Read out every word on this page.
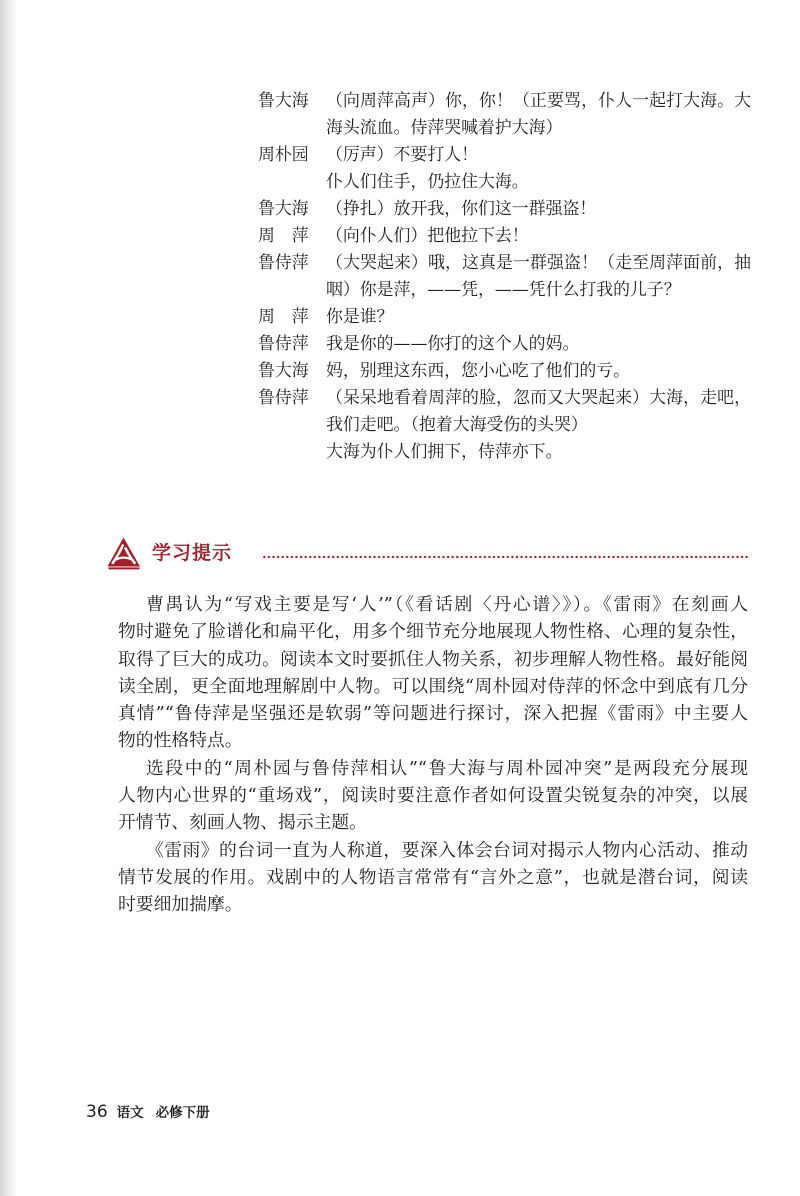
鲁大海 （向周萍高声）你，你！（正要骂，仆人一起打大海。大
海头流血。侍萍哭喊着护大海）
周朴园 （厉声）不要打人！
仆人们住手，仍拉住大海。
鲁大海 （挣扎）放开我，你们这一群强盗！
周　萍 （向仆人们）把他拉下去！
鲁侍萍 （大哭起来）哦，这真是一群强盗！（走至周萍面前，抽
咽）你是萍，——凭，——凭什么打我的儿子？
周　萍 你是谁？
鲁侍萍 我是你的——你打的这个人的妈。
鲁大海 妈，别理这东西，您小心吃了他们的亏。
鲁侍萍 （呆呆地看着周萍的脸，忽而又大哭起来）大海，走吧，
我们走吧。（抱着大海受伤的头哭）
大海为仆人们拥下，侍萍亦下。
学习提示
曹禺认为“写戏主要是写‘人’”（《看话剧〈丹心谱〉》）。《雷雨》在刻画人
物时避免了脸谱化和扁平化，用多个细节充分地展现人物性格、心理的复杂性，
取得了巨大的成功。阅读本文时要抓住人物关系，初步理解人物性格。最好能阅
读全剧，更全面地理解剧中人物。可以围绕“周朴园对侍萍的怀念中到底有几分
真情”“鲁侍萍是坚强还是软弱”等问题进行探讨，深入把握《雷雨》中主要人
物的性格特点。
选段中的“周朴园与鲁侍萍相认”“鲁大海与周朴园冲突”是两段充分展现
人物内心世界的“重场戏”，阅读时要注意作者如何设置尖锐复杂的冲突，以展
开情节、刻画人物、揭示主题。
《雷雨》的台词一直为人称道，要深入体会台词对揭示人物内心活动、推动
情节发展的作用。戏剧中的人物语言常常有“言外之意”，也就是潜台词，阅读
时要细加揣摩。
36 语文 必修下册
